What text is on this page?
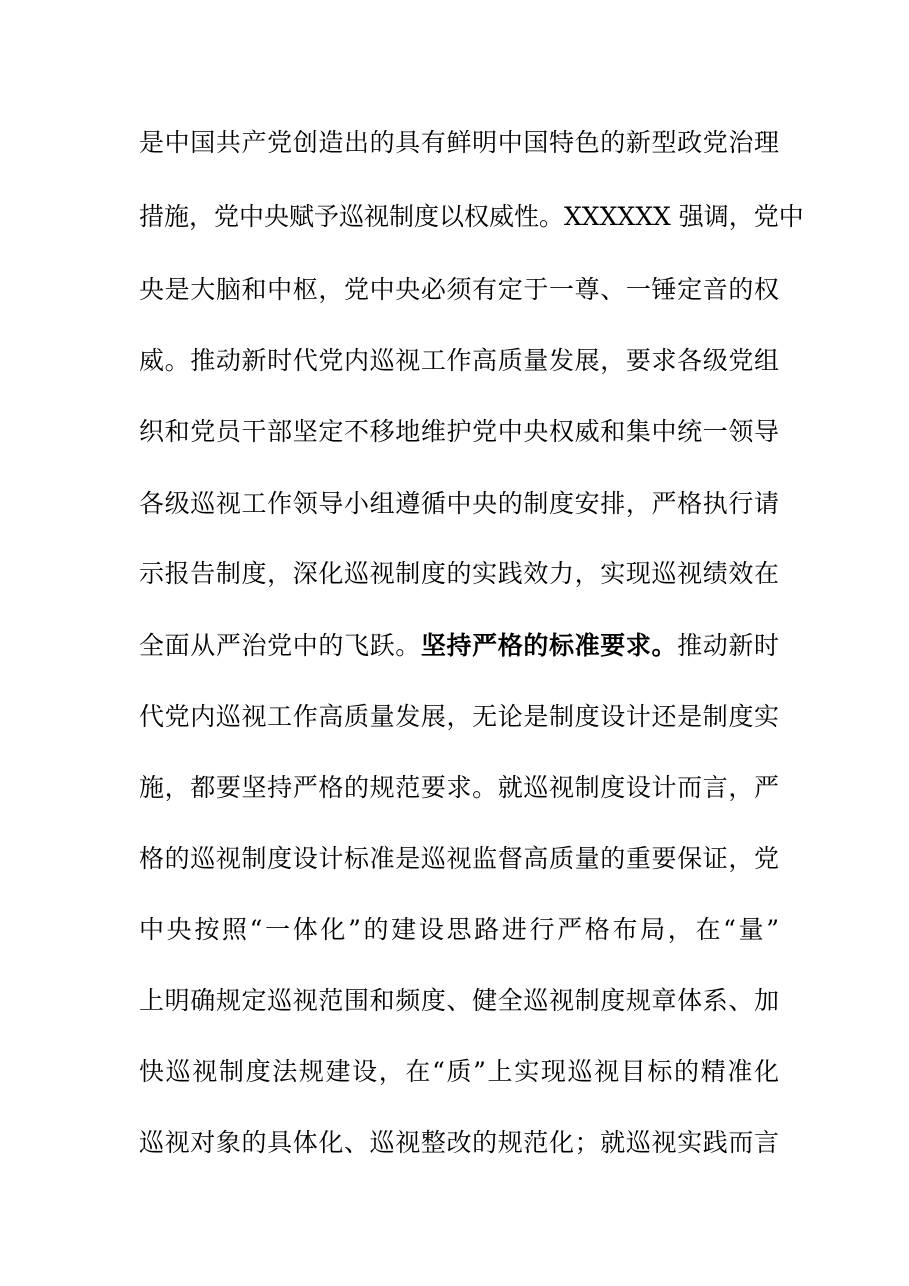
是中国共产党创造出的具有鲜明中国特色的新型政党治理
措施，党中央赋予巡视制度以权威性。XXXXXX 强调，党中
央是大脑和中枢，党中央必须有定于一尊、一锤定音的权
威。推动新时代党内巡视工作高质量发展，要求各级党组
织和党员干部坚定不移地维护党中央权威和集中统一领导
各级巡视工作领导小组遵循中央的制度安排，严格执行请
示报告制度，深化巡视制度的实践效力，实现巡视绩效在
全面从严治党中的飞跃。坚持严格的标准要求。推动新时
代党内巡视工作高质量发展，无论是制度设计还是制度实
施，都要坚持严格的规范要求。就巡视制度设计而言，严
格的巡视制度设计标准是巡视监督高质量的重要保证，党
中央按照“一体化”的建设思路进行严格布局，在“量”
上明确规定巡视范围和频度、健全巡视制度规章体系、加
快巡视制度法规建设，在“质”上实现巡视目标的精准化
巡视对象的具体化、巡视整改的规范化；就巡视实践而言
